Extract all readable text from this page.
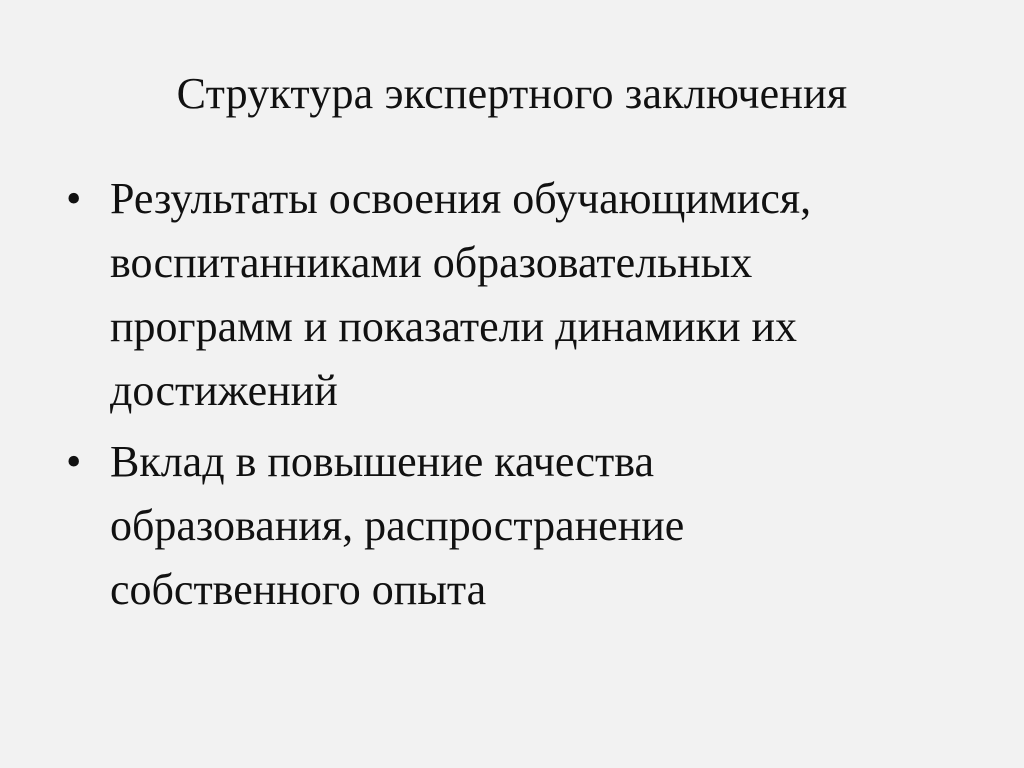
Структура экспертного заключения
• Результаты освоения обучающимися,
воспитанниками образовательных
программ и показатели динамики их
достижений
• Вклад в повышение качества
образования, распространение
собственного опыта
